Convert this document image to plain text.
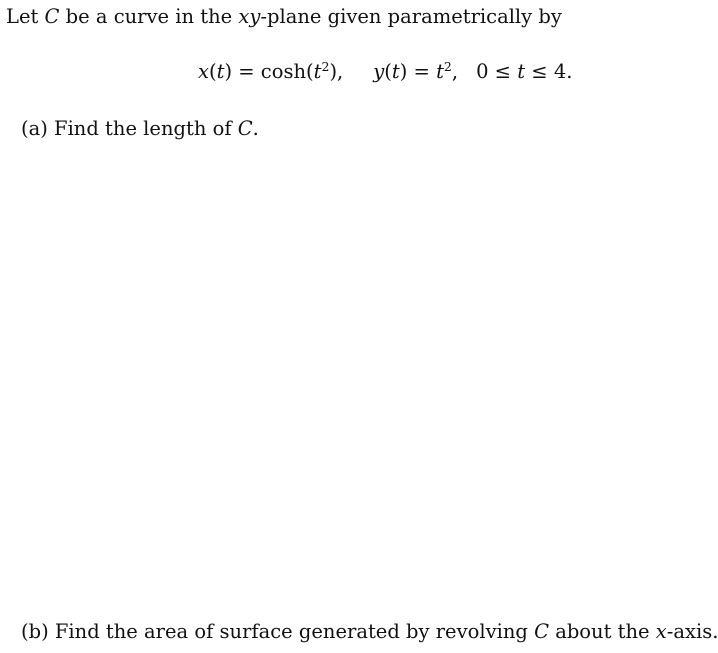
Let C be a curve in the xy-plane given parametrically by
$x(t) = \cosh(t^2)$, $y(t) = t^2$, 0 ≤ t ≤ 4.
(a) Find the length of C.
(b) Find the area of surface generated by revolving C about the x-axis.
